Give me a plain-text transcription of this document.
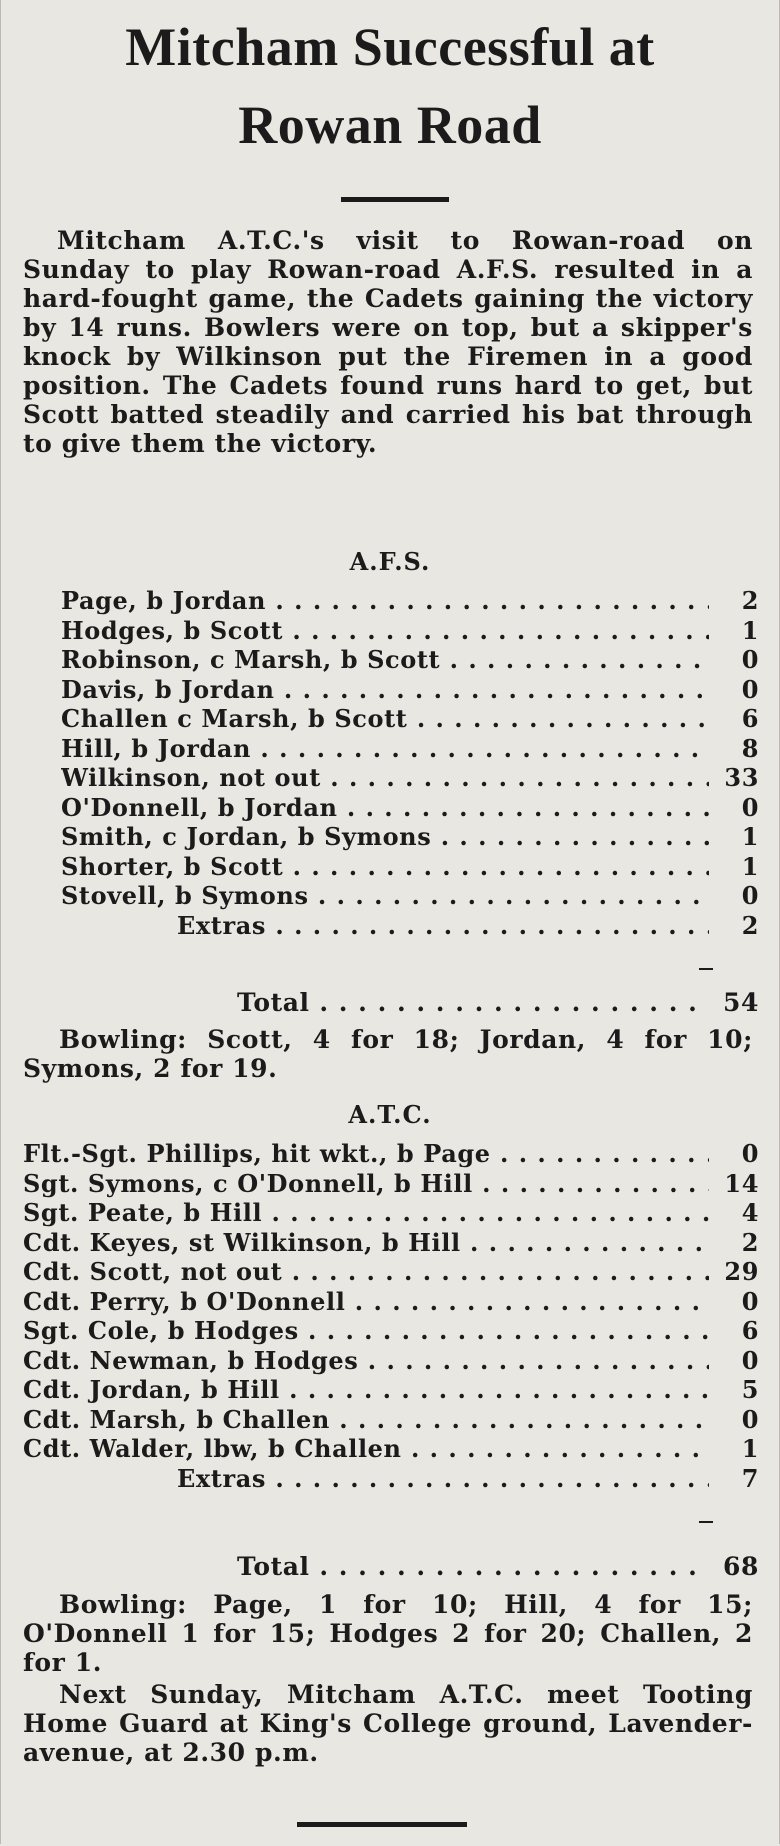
Mitcham Successful at
Rowan Road
Mitcham A.T.C.'s visit to Rowan-road on Sunday to play Rowan-road A.F.S. resulted in a hard-fought game, the Cadets gaining the victory by 14 runs. Bowlers were on top, but a skipper's knock by Wilkinson put the Firemen in a good position. The Cadets found runs hard to get, but Scott batted steadily and carried his bat through to give them the victory.
A.F.S.
Page, b Jordan . . .	2
Hodges, b Scott . . .	1
Robinson, c Marsh, b Scott . . .	0
Davis, b Jordan . . .	0
Challen c Marsh, b Scott . . .	6
Hill, b Jordan . . .	8
Wilkinson, not out . . .	33
O'Donnell, b Jordan . . .	0
Smith, c Jordan, b Symons . . .	1
Shorter, b Scott . . .	1
Stovell, b Symons . . .	0
Extras . . .	2
Total . . .	54
Bowling: Scott, 4 for 18; Jordan, 4 for 10; Symons, 2 for 19.
A.T.C.
Flt.-Sgt. Phillips, hit wkt., b Page . . .	0
Sgt. Symons, c O'Donnell, b Hill . . .	14
Sgt. Peate, b Hill . . .	4
Cdt. Keyes, st Wilkinson, b Hill . . .	2
Cdt. Scott, not out . . .	29
Cdt. Perry, b O'Donnell . . .	0
Sgt. Cole, b Hodges . . .	6
Cdt. Newman, b Hodges . . .	0
Cdt. Jordan, b Hill . . .	5
Cdt. Marsh, b Challen . . .	0
Cdt. Walder, lbw, b Challen . . .	1
Extras . . .	7
Total . . .	68
Bowling: Page, 1 for 10; Hill, 4 for 15; O'Donnell 1 for 15; Hodges 2 for 20; Challen, 2 for 1.
Next Sunday, Mitcham A.T.C. meet Tooting Home Guard at King's College ground, Lavender-avenue, at 2.30 p.m.
